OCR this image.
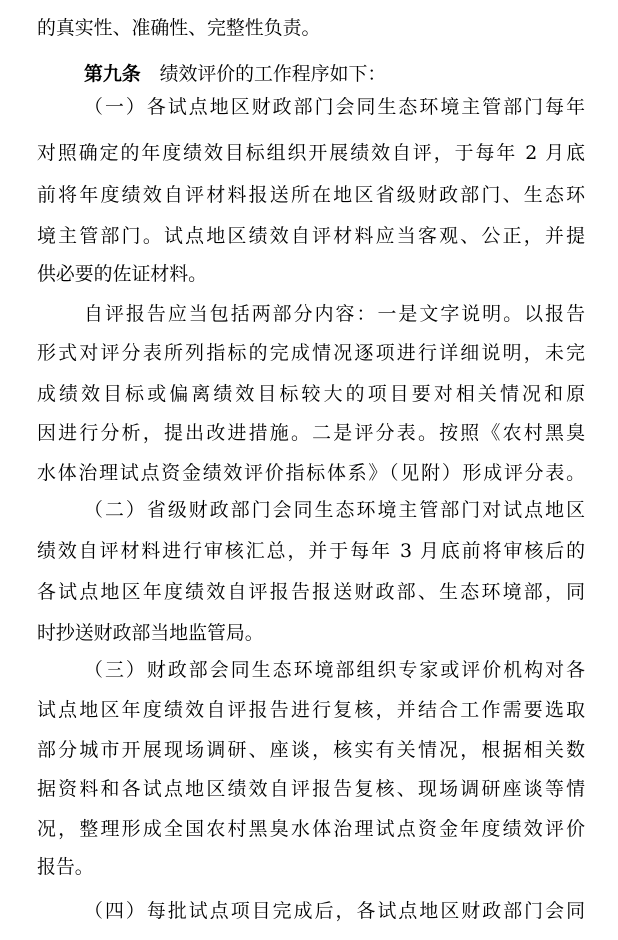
的真实性、准确性、完整性负责。
第九条  绩效评价的工作程序如下：
（一）各试点地区财政部门会同生态环境主管部门每年
对照确定的年度绩效目标组织开展绩效自评，于每年 2 月底
前将年度绩效自评材料报送所在地区省级财政部门、生态环
境主管部门。试点地区绩效自评材料应当客观、公正，并提
供必要的佐证材料。
自评报告应当包括两部分内容：一是文字说明。以报告
形式对评分表所列指标的完成情况逐项进行详细说明，未完
成绩效目标或偏离绩效目标较大的项目要对相关情况和原
因进行分析，提出改进措施。二是评分表。按照《农村黑臭
水体治理试点资金绩效评价指标体系》（见附）形成评分表。
（二）省级财政部门会同生态环境主管部门对试点地区
绩效自评材料进行审核汇总，并于每年 3 月底前将审核后的
各试点地区年度绩效自评报告报送财政部、生态环境部，同
时抄送财政部当地监管局。
（三）财政部会同生态环境部组织专家或评价机构对各
试点地区年度绩效自评报告进行复核，并结合工作需要选取
部分城市开展现场调研、座谈，核实有关情况，根据相关数
据资料和各试点地区绩效自评报告复核、现场调研座谈等情
况，整理形成全国农村黑臭水体治理试点资金年度绩效评价
报告。
（四）每批试点项目完成后，各试点地区财政部门会同
